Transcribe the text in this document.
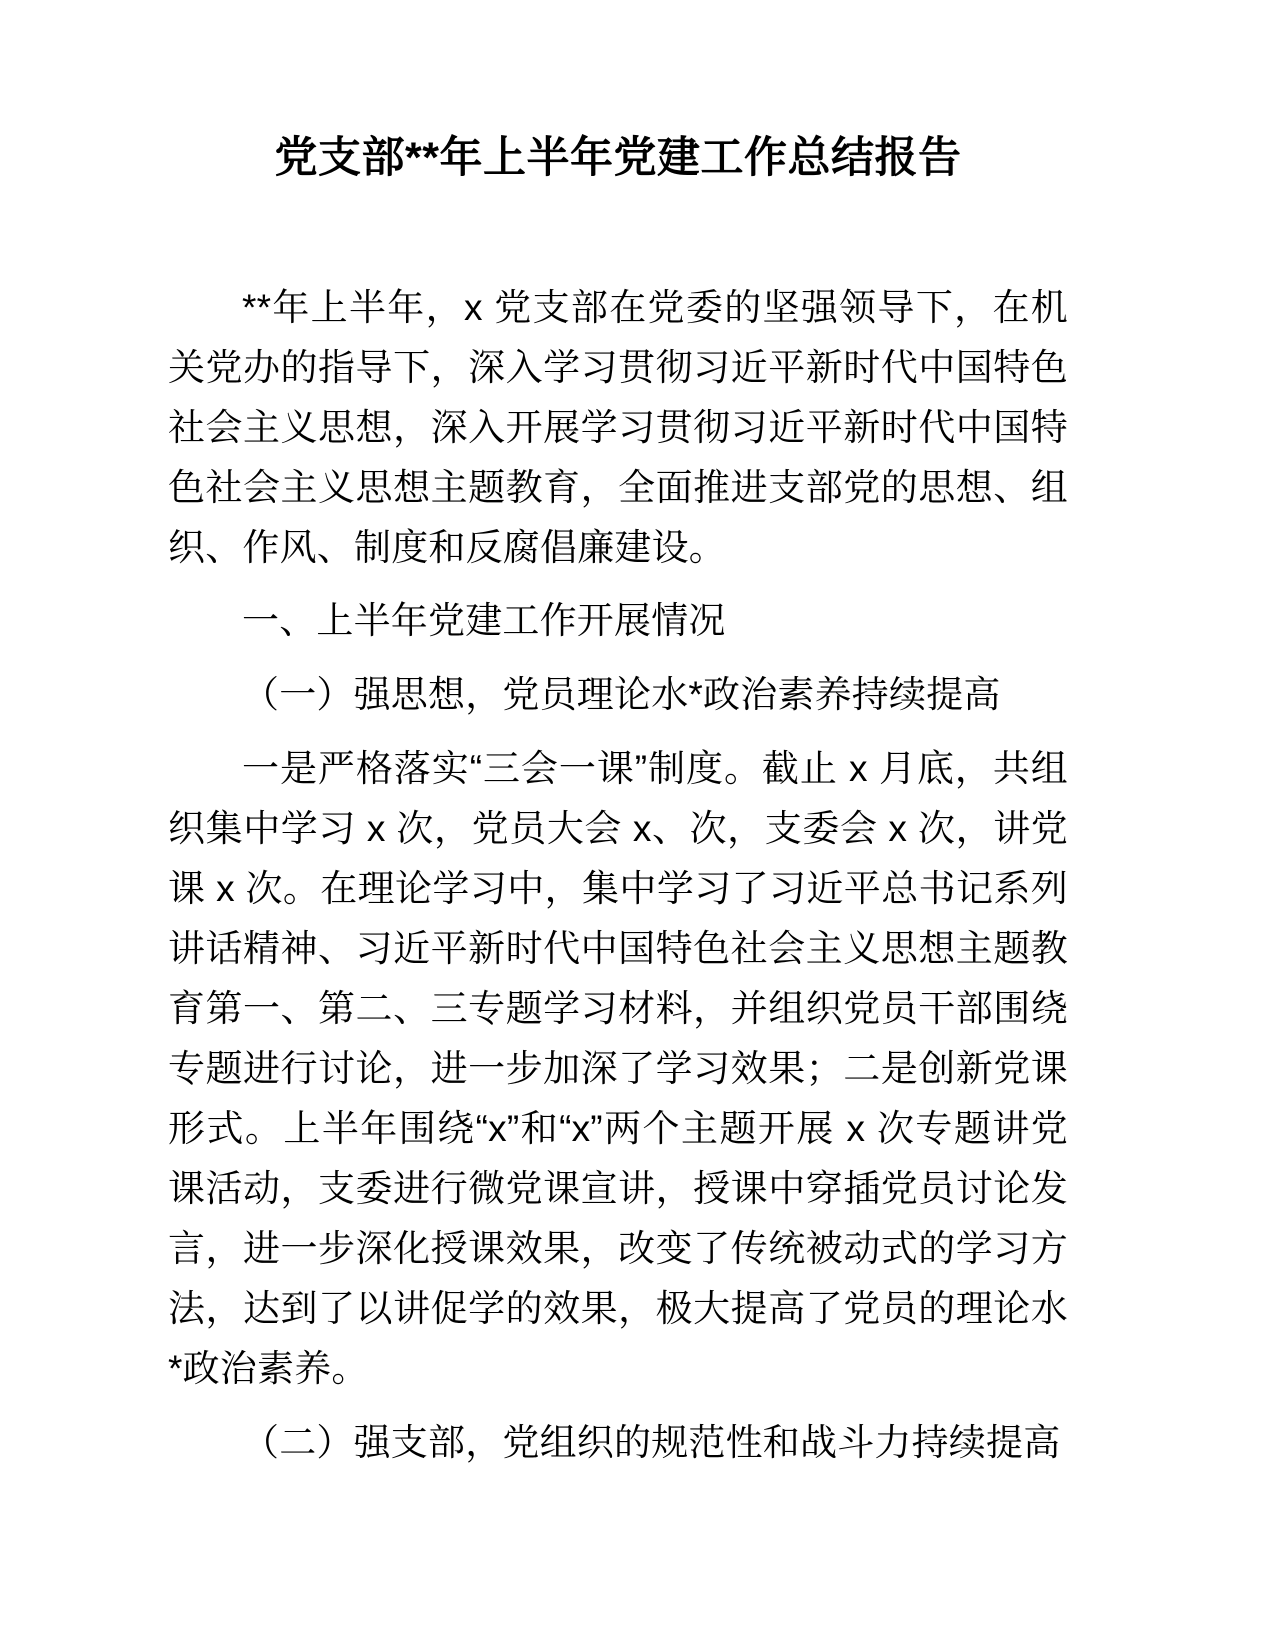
党支部**年上半年党建工作总结报告

**年上半年，x 党支部在党委的坚强领导下，在机关党办的指导下，深入学习贯彻习近平新时代中国特色社会主义思想，深入开展学习贯彻习近平新时代中国特色社会主义思想主题教育，全面推进支部党的思想、组织、作风、制度和反腐倡廉建设。

一、上半年党建工作开展情况

（一）强思想，党员理论水*政治素养持续提高

一是严格落实“三会一课”制度。截止 x 月底，共组织集中学习 x 次，党员大会 x、次，支委会 x 次，讲党课 x 次。在理论学习中，集中学习了习近平总书记系列讲话精神、习近平新时代中国特色社会主义思想主题教育第一、第二、三专题学习材料，并组织党员干部围绕专题进行讨论，进一步加深了学习效果；二是创新党课形式。上半年围绕“x”和“x”两个主题开展 x 次专题讲党课活动，支委进行微党课宣讲，授课中穿插党员讨论发言，进一步深化授课效果，改变了传统被动式的学习方法，达到了以讲促学的效果，极大提高了党员的理论水*政治素养。

（二）强支部，党组织的规范性和战斗力持续提高
